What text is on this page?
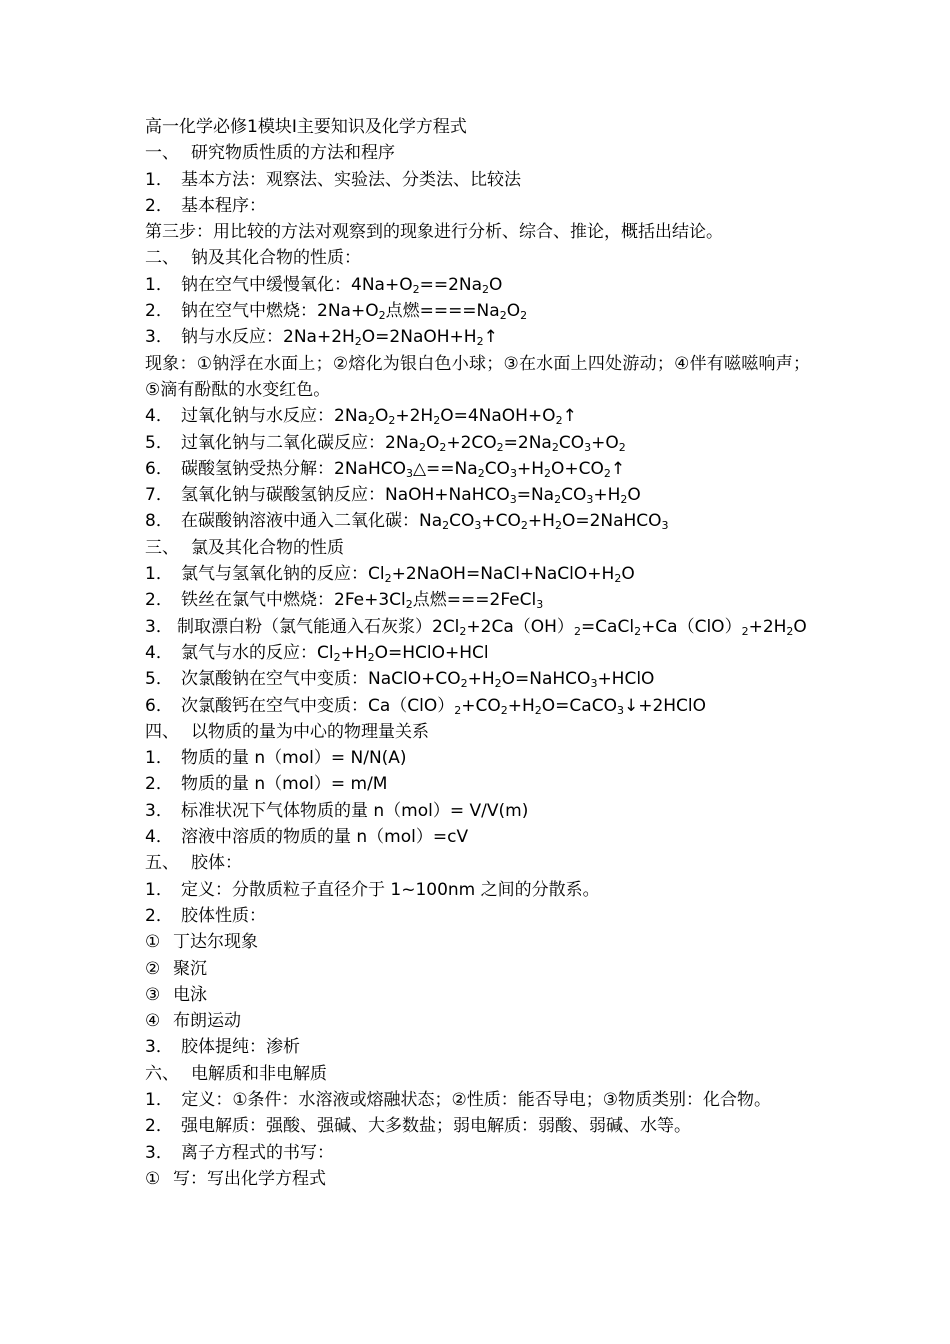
高一化学必修1模块I主要知识及化学方程式
一、 研究物质性质的方法和程序
1． 基本方法：观察法、实验法、分类法、比较法
2． 基本程序：
第三步：用比较的方法对观察到的现象进行分析、综合、推论，概括出结论。
二、 钠及其化合物的性质：
1． 钠在空气中缓慢氧化：$4Na+O_2==2Na_2O$
2． 钠在空气中燃烧：$2Na+O_2$点燃$====Na_2O_2$
3． 钠与水反应：$2Na+2H_2O=2NaOH+H_2↑$
现象：①钠浮在水面上；②熔化为银白色小球；③在水面上四处游动；④伴有嗞嗞响声；⑤滴有酚酞的水变红色。
4． 过氧化钠与水反应：$2Na_2O_2+2H_2O=4NaOH+O_2↑$
5． 过氧化钠与二氧化碳反应：$2Na_2O_2+2CO_2=2Na_2CO_3+O_2$
6． 碳酸氢钠受热分解：$2NaHCO_3\triangle==Na_2CO_3+H_2O+CO_2↑$
7． 氢氧化钠与碳酸氢钠反应：$NaOH+NaHCO_3=Na_2CO_3+H_2O$
8． 在碳酸钠溶液中通入二氧化碳：$Na_2CO_3+CO_2+H_2O=2NaHCO_3$
三、 氯及其化合物的性质
1． 氯气与氢氧化钠的反应：$Cl_2+2NaOH=NaCl+NaClO+H_2O$
2． 铁丝在氯气中燃烧：$2Fe+3Cl_2$点燃===2FeCl$_3$
3． 制取漂白粉（氯气能通入石灰浆）$2Cl_2+2Ca(OH)_2=CaCl_2+Ca(ClO)_2+2H_2O$
4． 氯气与水的反应：$Cl_2+H_2O=HClO+HCl$
5． 次氯酸钠在空气中变质：$NaClO+CO_2+H_2O=NaHCO_3+HClO$
6． 次氯酸钙在空气中变质：$Ca(ClO)_2+CO_2+H_2O=CaCO_3↓+2HClO$
四、 以物质的量为中心的物理量关系
1． 物质的量 n（mol）= N/N(A)
2． 物质的量 n（mol）= m/M
3． 标准状况下气体物质的量 n（mol）= V/V(m)
4． 溶液中溶质的物质的量 n（mol）=cV
五、 胶体：
1． 定义：分散质粒子直径介于 1~100nm 之间的分散系。
2． 胶体性质：
① 丁达尔现象
② 聚沉
③ 电泳
④ 布朗运动
3． 胶体提纯：渗析
六、 电解质和非电解质
1．　定义：①条件：水溶液或熔融状态；②性质：能否导电；③物质类别：化合物。
2． 强电解质：强酸、强碱、大多数盐；弱电解质：弱酸、弱碱、水等。
3． 离子方程式的书写：
① 写：写出化学方程式
